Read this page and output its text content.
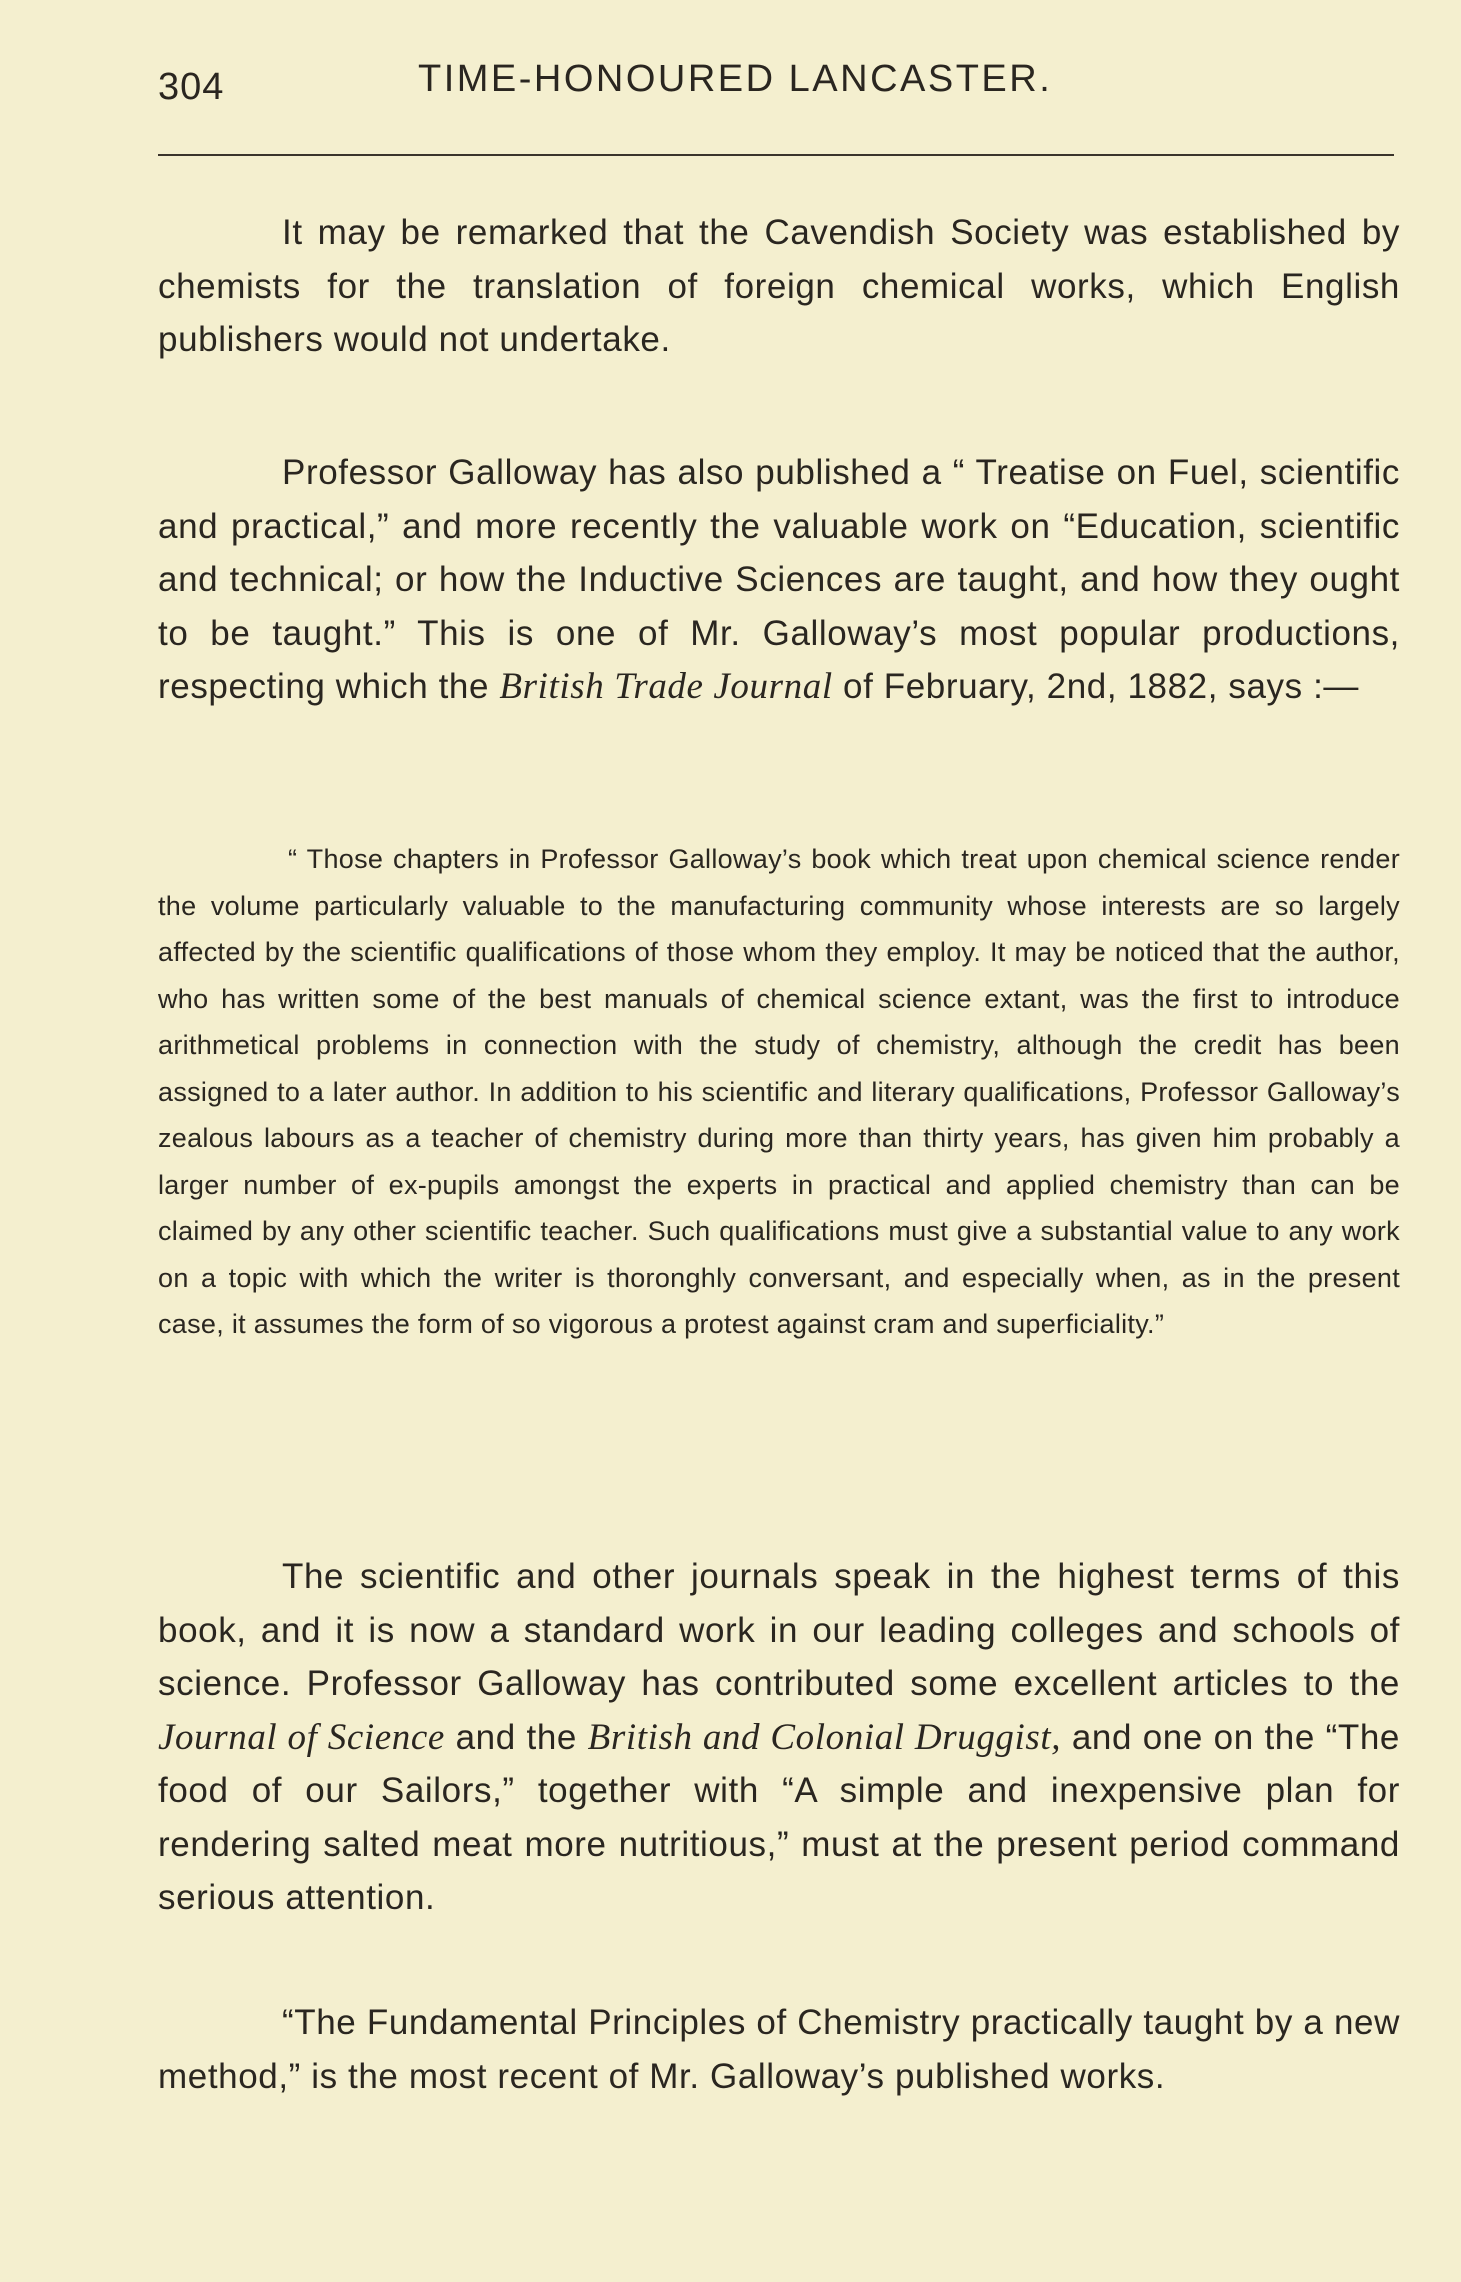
304	TIME-HONOURED LANCASTER.

It may be remarked that the Cavendish Society was established by chemists for the translation of foreign chemical works, which English publishers would not undertake.

Professor Galloway has also published a “ Treatise on Fuel, scientific and practical,” and more recently the valuable work on “Education, scientific and technical; or how the Inductive Sciences are taught, and how they ought to be taught.” This is one of Mr. Galloway’s most popular productions, respecting which the British Trade Journal of February, 2nd, 1882, says :—

“ Those chapters in Professor Galloway’s book which treat upon chemical science render the volume particularly valuable to the manufacturing community whose interests are so largely affected by the scientific qualifications of those whom they employ. It may be noticed that the author, who has written some of the best manuals of chemical science extant, was the first to introduce arithmetical problems in connection with the study of chemistry, although the credit has been assigned to a later author. In addition to his scientific and literary qualifications, Professor Galloway’s zealous labours as a teacher of chemistry during more than thirty years, has given him probably a larger number of ex-pupils amongst the experts in practical and applied chemistry than can be claimed by any other scientific teacher. Such qualifications must give a substantial value to any work on a topic with which the writer is thoronghly conversant, and especially when, as in the present case, it assumes the form of so vigorous a protest against cram and superficiality.”

The scientific and other journals speak in the highest terms of this book, and it is now a standard work in our leading colleges and schools of science. Professor Galloway has contributed some excellent articles to the Journal of Science and the British and Colonial Druggist, and one on the “The food of our Sailors,” together with “A simple and inexpensive plan for rendering salted meat more nutritious,” must at the present period command serious attention.

“The Fundamental Principles of Chemistry practically taught by a new method,” is the most recent of Mr. Galloway’s published works.
